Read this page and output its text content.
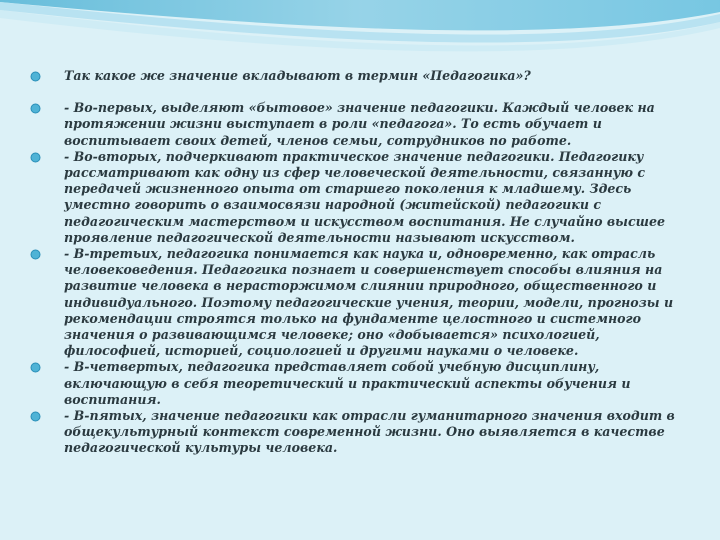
Так какое же значение вкладывают в термин «Педагогика»?
- Во-первых, выделяют «бытовое» значение педагогики. Каждый человек на протяжении жизни выступает в роли «педагога». То есть обучает и воспитывает своих детей, членов семьи, сотрудников по работе.
- Во-вторых, подчеркивают практическое значение педагогики. Педагогику рассматривают как одну из сфер человеческой деятельности, связанную с передачей жизненного опыта от старшего поколения к младшему. Здесь уместно говорить о взаимосвязи народной (житейской) педагогики с педагогическим мастерством и искусством воспитания. Не случайно высшее проявление педагогической деятельности называют искусством.
- В-третьих, педагогика понимается как наука и, одновременно, как отрасль человековедения. Педагогика познает и совершенствует способы влияния на развитие человека в нерасторжимом слиянии природного, общественного и индивидуального. Поэтому педагогические учения, теории, модели, прогнозы и рекомендации строятся только на фундаменте целостного и системного значения о развивающимся человеке; оно «добывается» психологией, философией, историей, социологией и другими науками о человеке.
- В-четвертых, педагогика представляет собой учебную дисциплину, включающую в себя теоретический и практический аспекты обучения и воспитания.
- В-пятых, значение педагогики как отрасли гуманитарного значения входит в общекультурный контекст современной жизни. Оно выявляется в качестве педагогической культуры человека.
